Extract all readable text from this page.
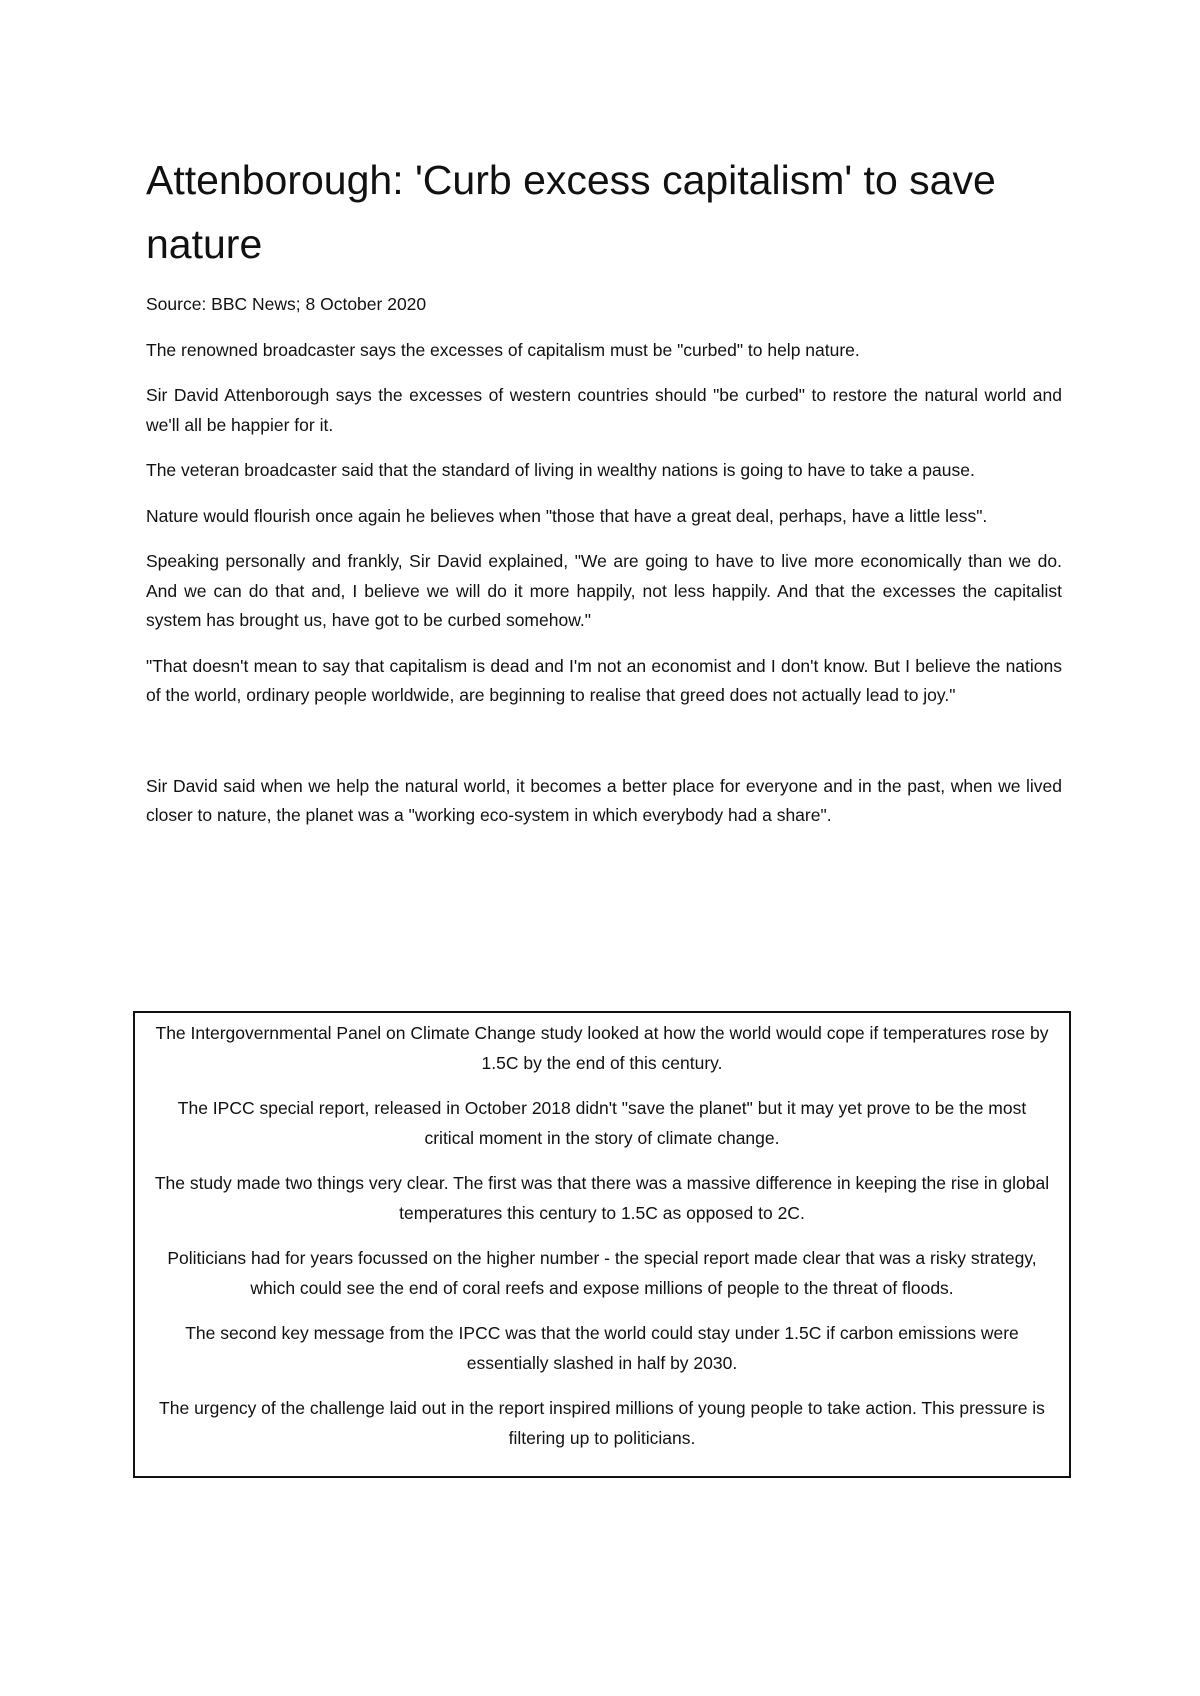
Attenborough: 'Curb excess capitalism' to save nature

Source: BBC News; 8 October 2020

The renowned broadcaster says the excesses of capitalism must be "curbed" to help nature.

Sir David Attenborough says the excesses of western countries should "be curbed" to restore the natural world and we'll all be happier for it.

The veteran broadcaster said that the standard of living in wealthy nations is going to have to take a pause.

Nature would flourish once again he believes when "those that have a great deal, perhaps, have a little less".

Speaking personally and frankly, Sir David explained, "We are going to have to live more economically than we do. And we can do that and, I believe we will do it more happily, not less happily. And that the excesses the capitalist system has brought us, have got to be curbed somehow."

"That doesn't mean to say that capitalism is dead and I'm not an economist and I don't know. But I believe the nations of the world, ordinary people worldwide, are beginning to realise that greed does not actually lead to joy."

Sir David said when we help the natural world, it becomes a better place for everyone and in the past, when we lived closer to nature, the planet was a "working eco-system in which everybody had a share".

The Intergovernmental Panel on Climate Change study looked at how the world would cope if temperatures rose by 1.5C by the end of this century.

The IPCC special report, released in October 2018 didn't "save the planet" but it may yet prove to be the most critical moment in the story of climate change.

The study made two things very clear. The first was that there was a massive difference in keeping the rise in global temperatures this century to 1.5C as opposed to 2C.

Politicians had for years focussed on the higher number - the special report made clear that was a risky strategy, which could see the end of coral reefs and expose millions of people to the threat of floods.

The second key message from the IPCC was that the world could stay under 1.5C if carbon emissions were essentially slashed in half by 2030.

The urgency of the challenge laid out in the report inspired millions of young people to take action. This pressure is filtering up to politicians.
